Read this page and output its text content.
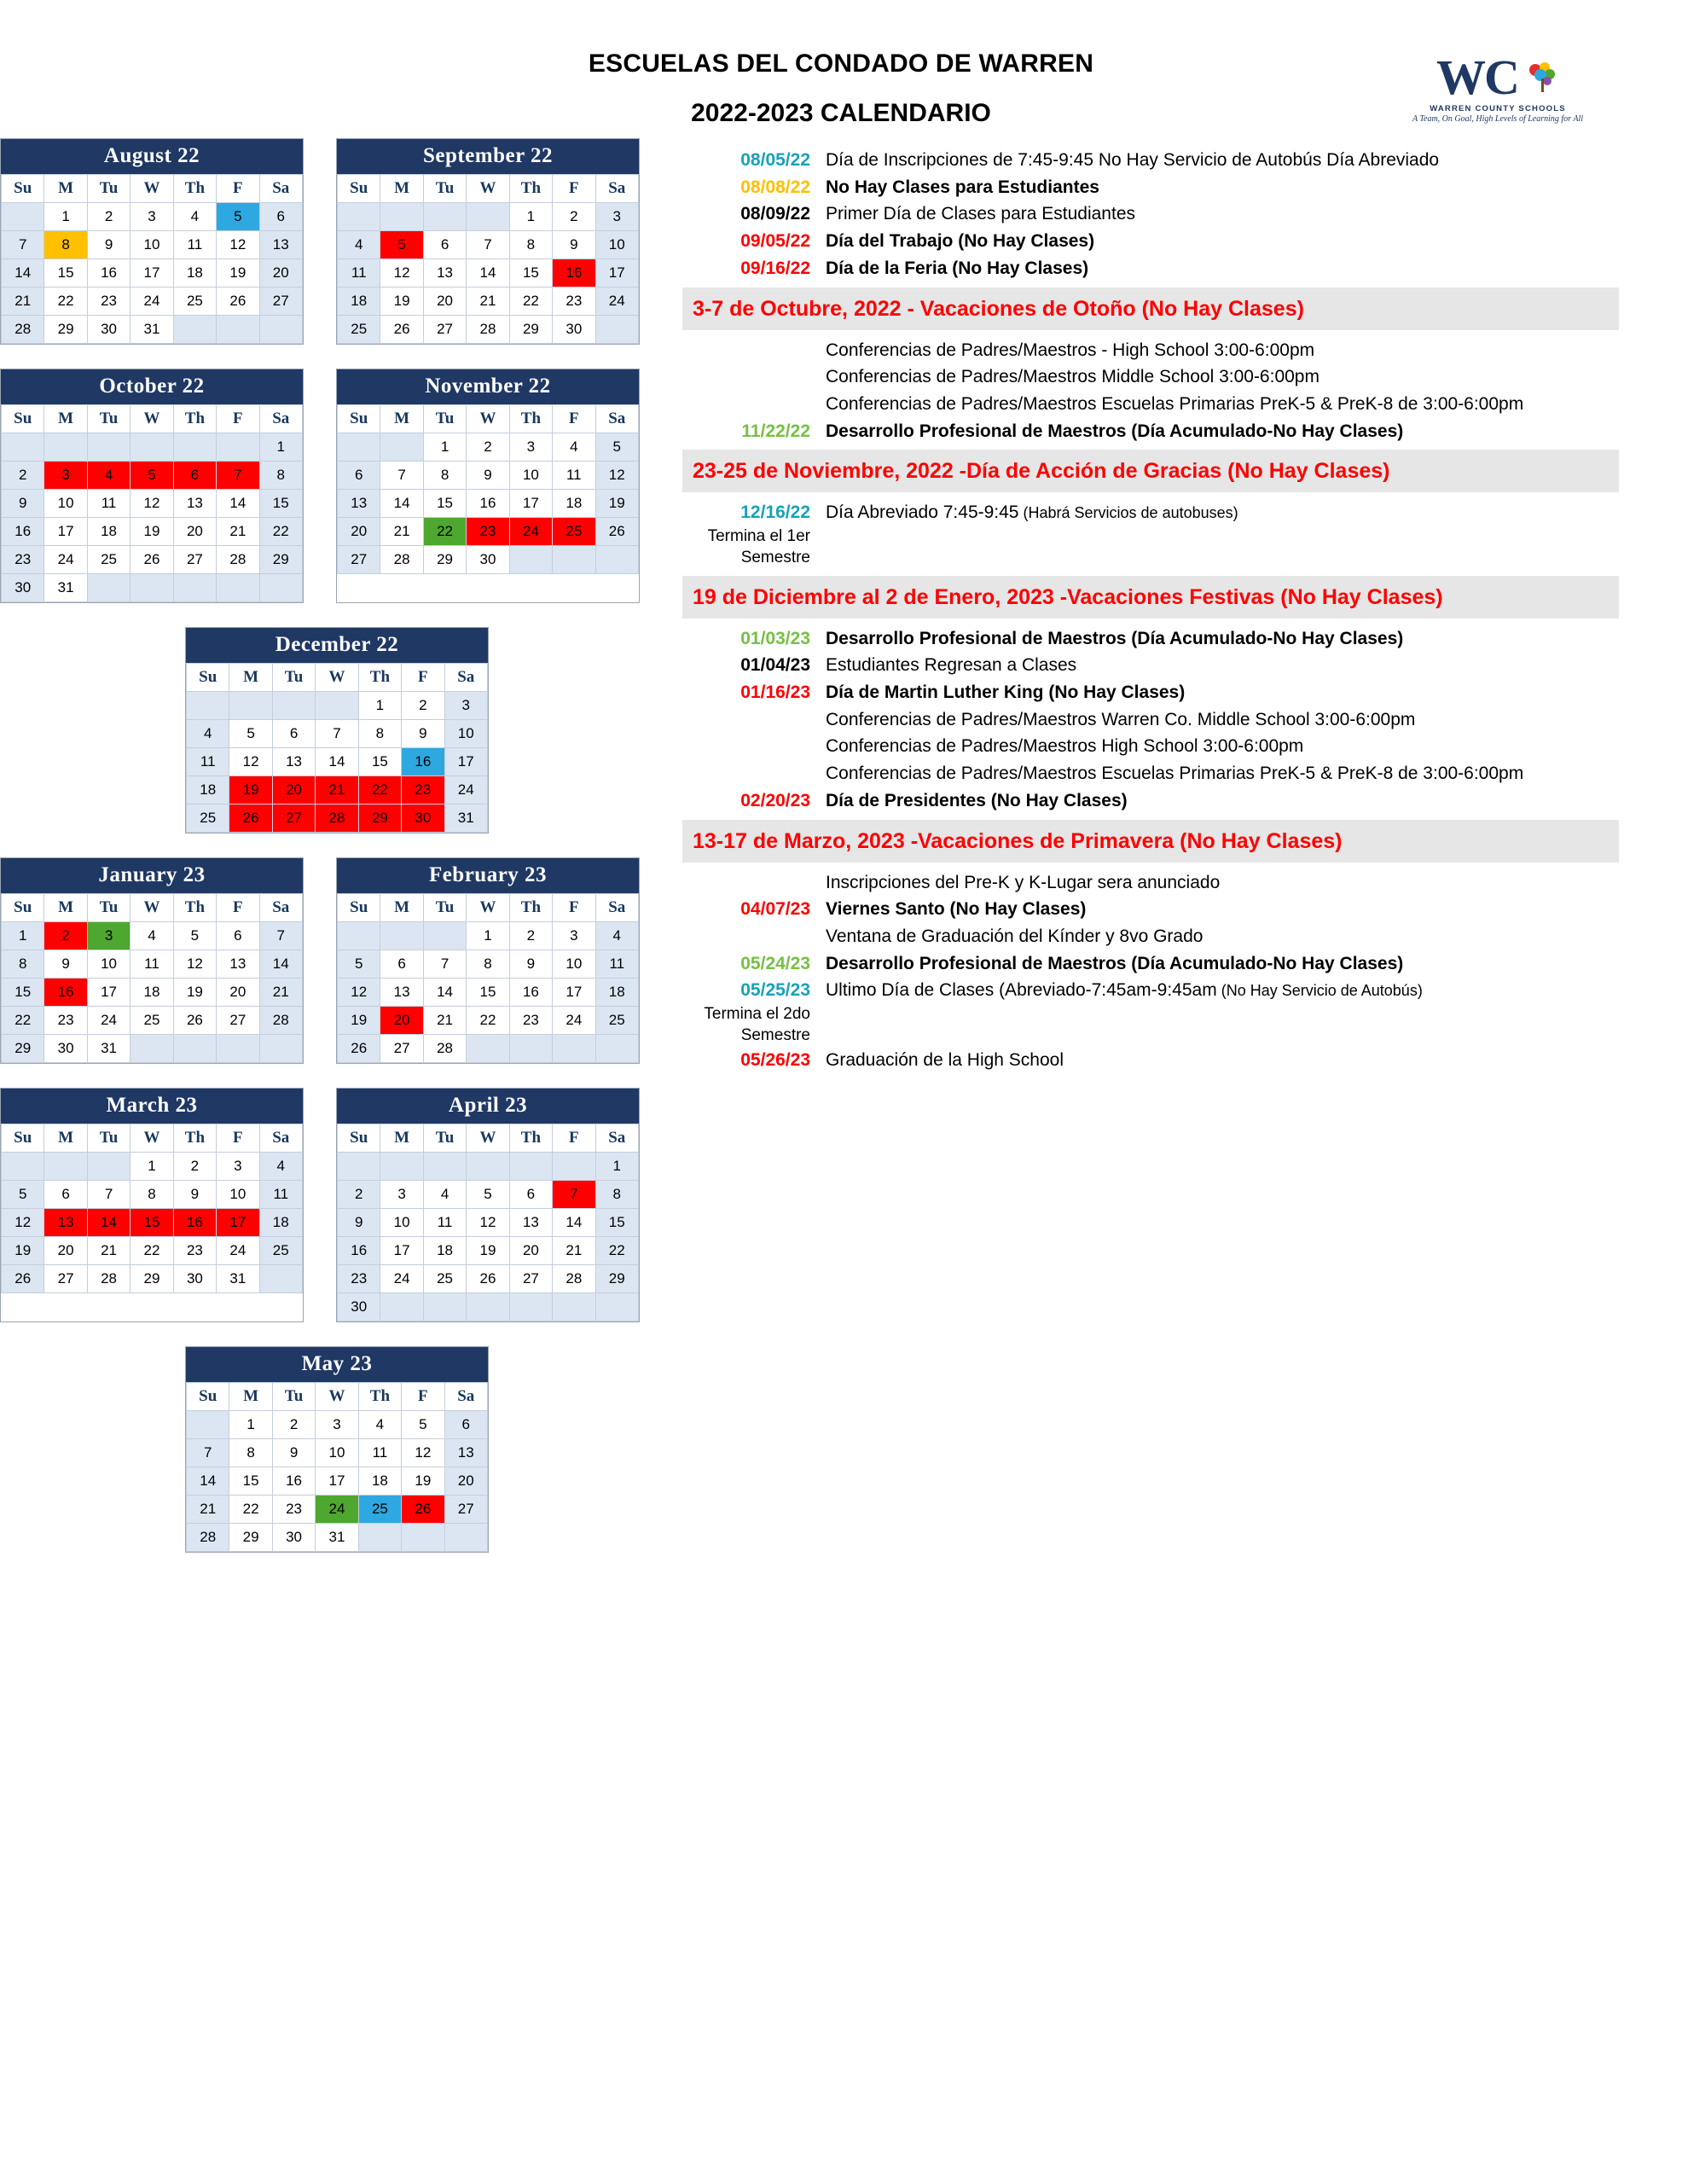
ESCUELAS DEL CONDADO DE WARREN
2022-2023 CALENDARIO
WC
WARREN COUNTY SCHOOLS
A Team, On Goal, High Levels of Learning for All
August 22
Su	M	Tu	W	Th	F	Sa
	1	2	3	4	5	6
7	8	9	10	11	12	13
14	15	16	17	18	19	20
21	22	23	24	25	26	27
28	29	30	31			
September 22
Su	M	Tu	W	Th	F	Sa
				1	2	3
4	5	6	7	8	9	10
11	12	13	14	15	16	17
18	19	20	21	22	23	24
25	26	27	28	29	30	
October 22
Su	M	Tu	W	Th	F	Sa
						1
2	3	4	5	6	7	8
9	10	11	12	13	14	15
16	17	18	19	20	21	22
23	24	25	26	27	28	29
30	31					
November 22
Su	M	Tu	W	Th	F	Sa
		1	2	3	4	5
6	7	8	9	10	11	12
13	14	15	16	17	18	19
20	21	22	23	24	25	26
27	28	29	30			
December 22
Su	M	Tu	W	Th	F	Sa
				1	2	3
4	5	6	7	8	9	10
11	12	13	14	15	16	17
18	19	20	21	22	23	24
25	26	27	28	29	30	31
January 23
Su	M	Tu	W	Th	F	Sa
1	2	3	4	5	6	7
8	9	10	11	12	13	14
15	16	17	18	19	20	21
22	23	24	25	26	27	28
29	30	31				
February 23
Su	M	Tu	W	Th	F	Sa
			1	2	3	4
5	6	7	8	9	10	11
12	13	14	15	16	17	18
19	20	21	22	23	24	25
26	27	28				
March 23
Su	M	Tu	W	Th	F	Sa
			1	2	3	4
5	6	7	8	9	10	11
12	13	14	15	16	17	18
19	20	21	22	23	24	25
26	27	28	29	30	31	
April 23
Su	M	Tu	W	Th	F	Sa
						1
2	3	4	5	6	7	8
9	10	11	12	13	14	15
16	17	18	19	20	21	22
23	24	25	26	27	28	29
30						
May 23
Su	M	Tu	W	Th	F	Sa
	1	2	3	4	5	6
7	8	9	10	11	12	13
14	15	16	17	18	19	20
21	22	23	24	25	26	27
28	29	30	31			
08/05/22 Día de Inscripciones de 7:45-9:45 No Hay Servicio de Autobús Día Abreviado
08/08/22 No Hay Clases para Estudiantes
08/09/22 Primer Día de Clases para Estudiantes
09/05/22 Día del Trabajo (No Hay Clases)
09/16/22 Día de la Feria (No Hay Clases)
3-7 de Octubre, 2022 - Vacaciones de Otoño (No Hay Clases)
Conferencias de Padres/Maestros - High School 3:00-6:00pm
Conferencias de Padres/Maestros Middle School 3:00-6:00pm
Conferencias de Padres/Maestros Escuelas Primarias PreK-5 & PreK-8 de 3:00-6:00pm
11/22/22 Desarrollo Profesional de Maestros (Día Acumulado-No Hay Clases)
23-25 de Noviembre, 2022 -Día de Acción de Gracias (No Hay Clases)
12/16/22 Día Abreviado 7:45-9:45 (Habrá Servicios de autobuses)
Termina el 1er Semestre
19 de Diciembre al 2 de Enero, 2023 -Vacaciones Festivas (No Hay Clases)
01/03/23 Desarrollo Profesional de Maestros (Día Acumulado-No Hay Clases)
01/04/23 Estudiantes Regresan a Clases
01/16/23 Día de Martin Luther King (No Hay Clases)
Conferencias de Padres/Maestros Warren Co. Middle School 3:00-6:00pm
Conferencias de Padres/Maestros High School 3:00-6:00pm
Conferencias de Padres/Maestros Escuelas Primarias PreK-5 & PreK-8 de 3:00-6:00pm
02/20/23 Día de Presidentes (No Hay Clases)
13-17 de Marzo, 2023 -Vacaciones de Primavera (No Hay Clases)
Inscripciones del Pre-K y K-Lugar sera anunciado
04/07/23 Viernes Santo (No Hay Clases)
Ventana de Graduación del Kínder y 8vo Grado
05/24/23 Desarrollo Profesional de Maestros (Día Acumulado-No Hay Clases)
05/25/23 Ultimo Día de Clases (Abreviado-7:45am-9:45am (No Hay Servicio de Autobús)
Termina el 2do Semestre
05/26/23 Graduación de la High School
